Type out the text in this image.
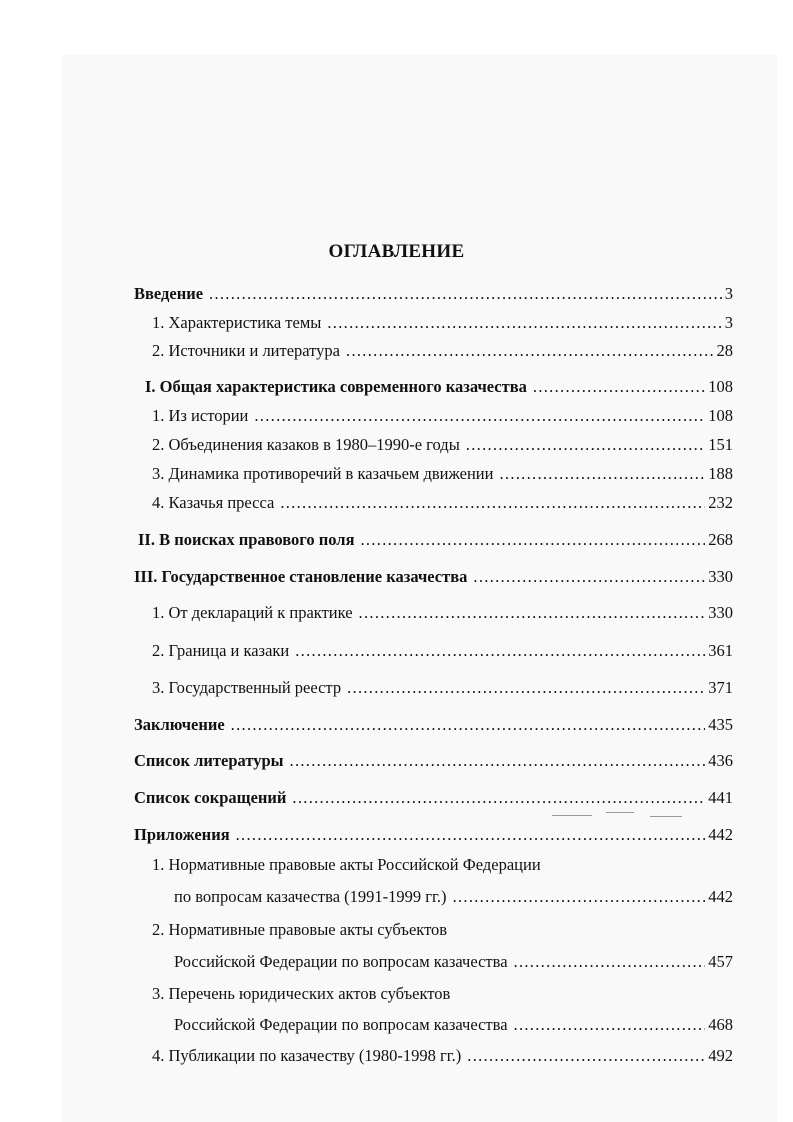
ОГЛАВЛЕНИЕ
Введение .....	3
1. Характеристика темы .....	3
2. Источники и литература .....	28
I. Общая характеристика современного казачества .....	108
1. Из истории .....	108
2. Объединения казаков в 1980–1990-е годы .....	151
3. Динамика противоречий в казачьем движении .....	188
4. Казачья пресса .....	232
II. В поисках правового поля .....	268
III. Государственное становление казачества .....	330
1. От деклараций к практике .....	330
2. Граница и казаки .....	361
3. Государственный реестр .....	371
Заключение .....	435
Список литературы .....	436
Список сокращений .....	441
Приложения .....	442
1. Нормативные правовые акты Российской Федерации
по вопросам казачества (1991-1999 гг.) .....	442
2. Нормативные правовые акты субъектов
Российской Федерации по вопросам казачества .....	457
3. Перечень юридических актов субъектов
Российской Федерации по вопросам казачества .....	468
4. Публикации по казачеству (1980-1998 гг.) .....	492
